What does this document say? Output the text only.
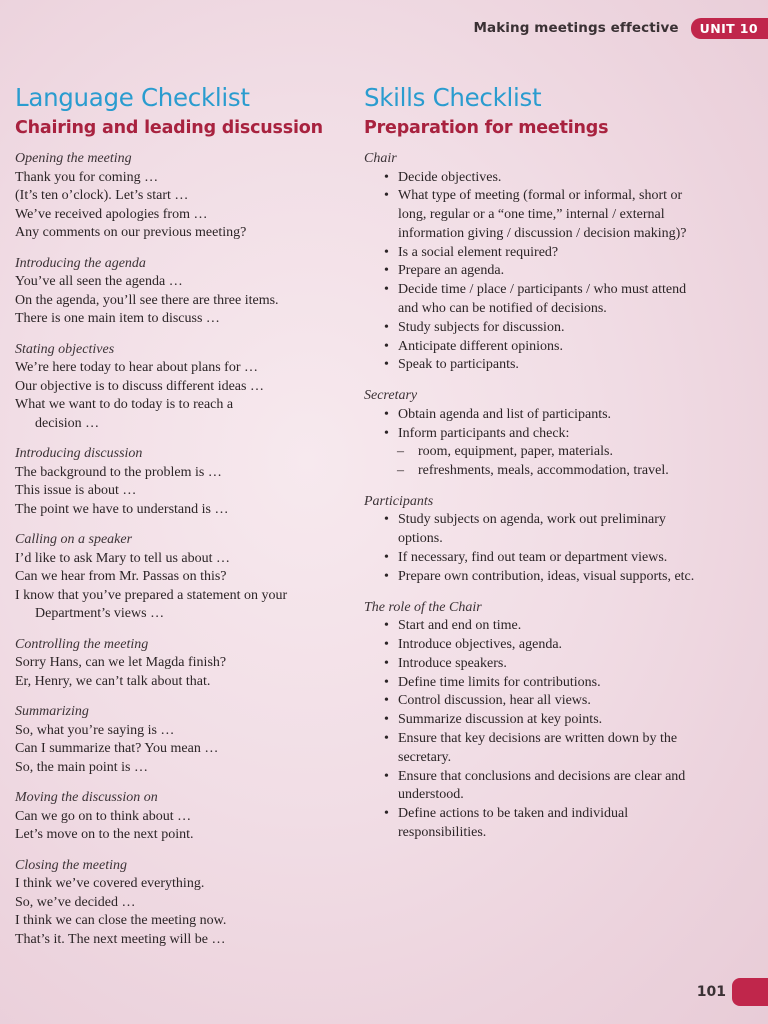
Making meetings effective	UNIT 10
Language Checklist
Chairing and leading discussion
Opening the meeting
Thank you for coming …
(It’s ten o’clock). Let’s start …
We’ve received apologies from …
Any comments on our previous meeting?
Introducing the agenda
You’ve all seen the agenda …
On the agenda, you’ll see there are three items.
There is one main item to discuss …
Stating objectives
We’re here today to hear about plans for …
Our objective is to discuss different ideas …
What we want to do today is to reach a
decision …
Introducing discussion
The background to the problem is …
This issue is about …
The point we have to understand is …
Calling on a speaker
I’d like to ask Mary to tell us about …
Can we hear from Mr. Passas on this?
I know that you’ve prepared a statement on your
Department’s views …
Controlling the meeting
Sorry Hans, can we let Magda finish?
Er, Henry, we can’t talk about that.
Summarizing
So, what you’re saying is …
Can I summarize that? You mean …
So, the main point is …
Moving the discussion on
Can we go on to think about …
Let’s move on to the next point.
Closing the meeting
I think we’ve covered everything.
So, we’ve decided …
I think we can close the meeting now.
That’s it. The next meeting will be …
Skills Checklist
Preparation for meetings
Chair
• Decide objectives.
• What type of meeting (formal or informal, short or long, regular or a “one time,” internal / external information giving / discussion / decision making)?
• Is a social element required?
• Prepare an agenda.
• Decide time / place / participants / who must attend and who can be notified of decisions.
• Study subjects for discussion.
• Anticipate different opinions.
• Speak to participants.
Secretary
• Obtain agenda and list of participants.
• Inform participants and check:
– room, equipment, paper, materials.
– refreshments, meals, accommodation, travel.
Participants
• Study subjects on agenda, work out preliminary options.
• If necessary, find out team or department views.
• Prepare own contribution, ideas, visual supports, etc.
The role of the Chair
• Start and end on time.
• Introduce objectives, agenda.
• Introduce speakers.
• Define time limits for contributions.
• Control discussion, hear all views.
• Summarize discussion at key points.
• Ensure that key decisions are written down by the secretary.
• Ensure that conclusions and decisions are clear and understood.
• Define actions to be taken and individual responsibilities.
101
